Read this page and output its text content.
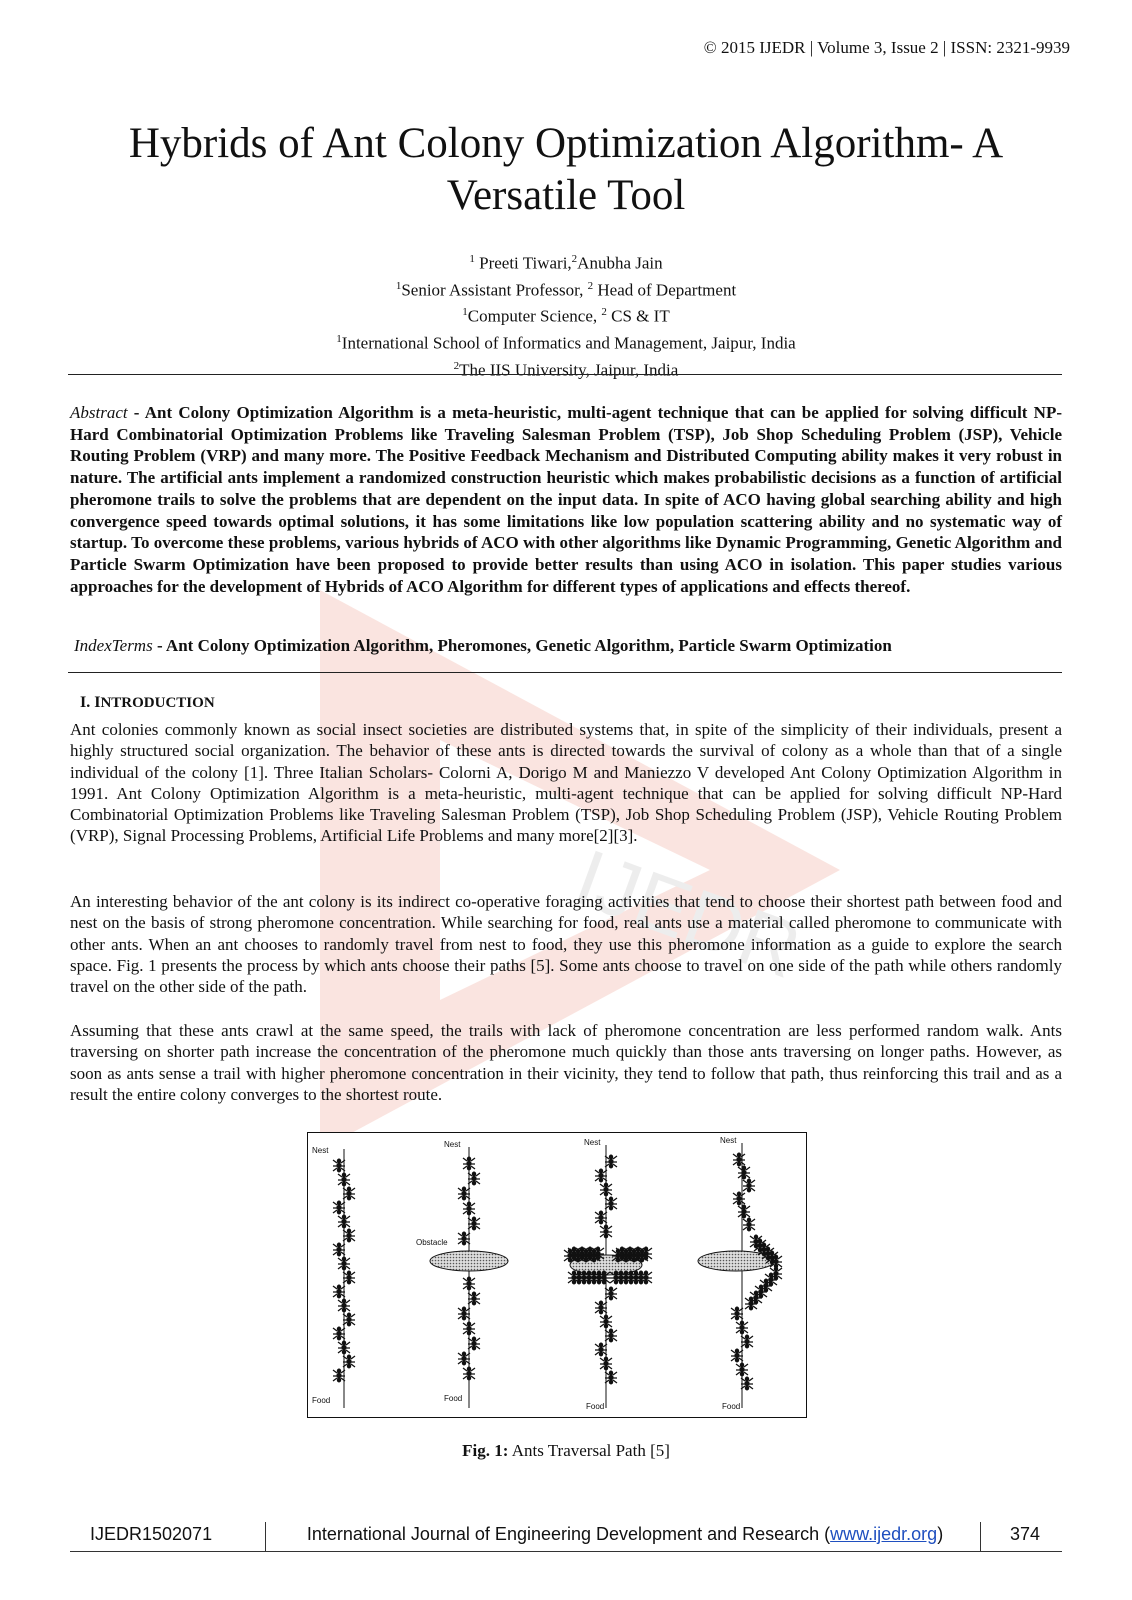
IJEDR
© 2015 IJEDR | Volume 3, Issue 2 | ISSN: 2321-9939
Hybrids of Ant Colony Optimization Algorithm- A
Versatile Tool
$^1$ Preeti Tiwari,$^2$Anubha Jain
$^1$Senior Assistant Professor, $^2$ Head of Department
$^1$Computer Science, $^2$ CS & IT
$^1$International School of Informatics and Management, Jaipur, India
$^2$The IIS University, Jaipur, India

Abstract - Ant Colony Optimization Algorithm is a meta-heuristic, multi-agent technique that can be applied for solving difficult NP-Hard Combinatorial Optimization Problems like Traveling Salesman Problem (TSP), Job Shop Scheduling Problem (JSP), Vehicle Routing Problem (VRP) and many more. The Positive Feedback Mechanism and Distributed Computing ability makes it very robust in nature. The artificial ants implement a randomized construction heuristic which makes probabilistic decisions as a function of artificial pheromone trails to solve the problems that are dependent on the input data. In spite of ACO having global searching ability and high convergence speed towards optimal solutions, it has some limitations like low population scattering ability and no systematic way of startup. To overcome these problems, various hybrids of ACO with other algorithms like Dynamic Programming, Genetic Algorithm and Particle Swarm Optimization have been proposed to provide better results than using ACO in isolation. This paper studies various approaches for the development of Hybrids of ACO Algorithm for different types of applications and effects thereof.

IndexTerms - Ant Colony Optimization Algorithm, Pheromones, Genetic Algorithm, Particle Swarm Optimization

I. INTRODUCTION

Ant colonies commonly known as social insect societies are distributed systems that, in spite of the simplicity of their individuals, present a highly structured social organization. The behavior of these ants is directed towards the survival of colony as a whole than that of a single individual of the colony [1]. Three Italian Scholars- Colorni A, Dorigo M and Maniezzo V developed Ant Colony Optimization Algorithm in 1991. Ant Colony Optimization Algorithm is a meta-heuristic, multi-agent technique that can be applied for solving difficult NP-Hard Combinatorial Optimization Problems like Traveling Salesman Problem (TSP), Job Shop Scheduling Problem (JSP), Vehicle Routing Problem (VRP), Signal Processing Problems, Artificial Life Problems and many more[2][3].

An interesting behavior of the ant colony is its indirect co-operative foraging activities that tend to choose their shortest path between food and nest on the basis of strong pheromone concentration. While searching for food, real ants use a material called pheromone to communicate with other ants. When an ant chooses to randomly travel from nest to food, they use this pheromone information as a guide to explore the search space. Fig. 1 presents the process by which ants choose their paths [5]. Some ants choose to travel on one side of the path while others randomly travel on the other side of the path.

Assuming that these ants crawl at the same speed, the trails with lack of pheromone concentration are less performed random walk. Ants traversing on shorter path increase the concentration of the pheromone much quickly than those ants traversing on longer paths. However, as soon as ants sense a trail with higher pheromone concentration in their vicinity, they tend to follow that path, thus reinforcing this trail and as a result the entire colony converges to the shortest route.

Nest
Nest	Nest	Nest
Obstacle
Food	Food
Food	Food
Fig. 1: Ants Traversal Path [5]
IJEDR1502071	International Journal of Engineering Development and Research (www.ijedr.org)	374
